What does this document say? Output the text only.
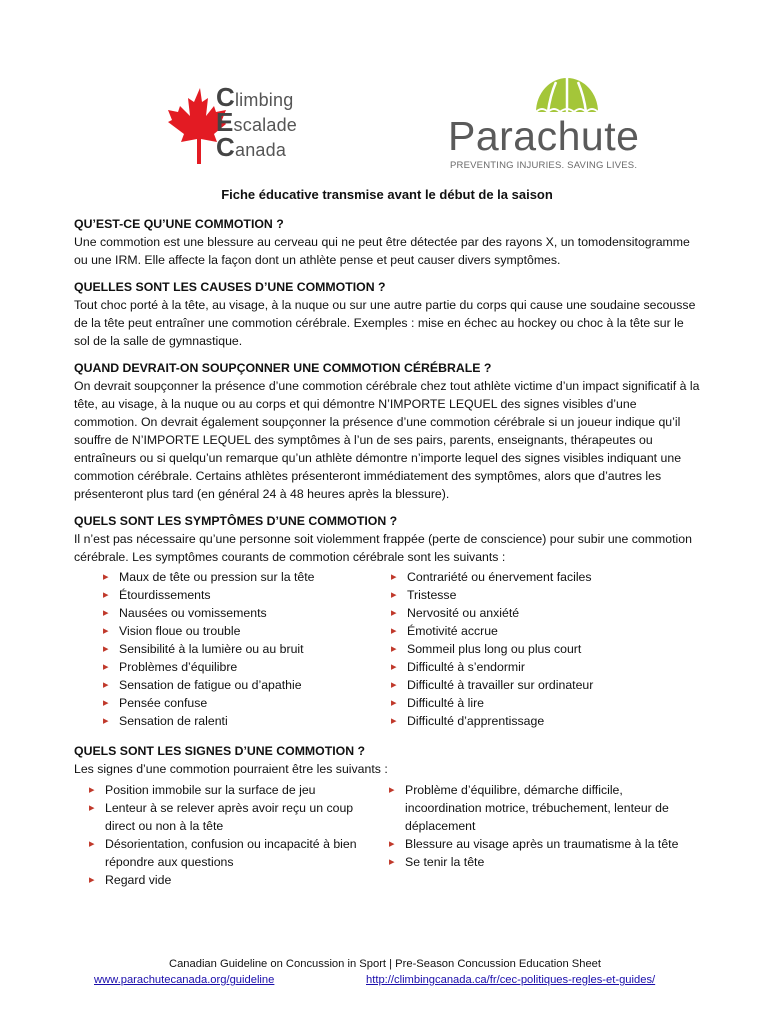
Climbing
Escalade
Canada	Parachute
PREVENTING INJURIES. SAVING LIVES.
Fiche éducative transmise avant le début de la saison
QU’EST-CE QU’UNE COMMOTION ?

Une commotion est une blessure au cerveau qui ne peut être détectée par des rayons X, un tomodensitogramme ou une IRM. Elle affecte la façon dont un athlète pense et peut causer divers symptômes.

QUELLES SONT LES CAUSES D’UNE COMMOTION ?

Tout choc porté à la tête, au visage, à la nuque ou sur une autre partie du corps qui cause une soudaine secousse de la tête peut entraîner une commotion cérébrale. Exemples : mise en échec au hockey ou choc à la tête sur le sol de la salle de gymnastique.

QUAND DEVRAIT-ON SOUPÇONNER UNE COMMOTION CÉRÉBRALE ?

On devrait soupçonner la présence d’une commotion cérébrale chez tout athlète victime d’un impact significatif à la tête, au visage, à la nuque ou au corps et qui démontre N’IMPORTE LEQUEL des signes visibles d’une commotion. On devrait également soupçonner la présence d’une commotion cérébrale si un joueur indique qu’il souffre de N’IMPORTE LEQUEL des symptômes à l’un de ses pairs, parents, enseignants, thérapeutes ou entraîneurs ou si quelqu’un remarque qu’un athlète démontre n’importe lequel des signes visibles indiquant une commotion cérébrale. Certains athlètes présenteront immédiatement des symptômes, alors que d’autres les présenteront plus tard (en général 24 à 48 heures après la blessure).

QUELS SONT LES SYMPTÔMES D’UNE COMMOTION ?

Il n’est pas nécessaire qu’une personne soit violemment frappée (perte de conscience) pour subir une commotion cérébrale. Les symptômes courants de commotion cérébrale sont les suivants :

▸ Maux de tête ou pression sur la tête
▸ Étourdissements
▸ Nausées ou vomissements
▸ Vision floue ou trouble
▸ Sensibilité à la lumière ou au bruit
▸ Problèmes d’équilibre
▸ Sensation de fatigue ou d’apathie
▸ Pensée confuse
▸ Sensation de ralenti
▸ Contrariété ou énervement faciles
▸ Tristesse
▸ Nervosité ou anxiété
▸ Émotivité accrue
▸ Sommeil plus long ou plus court
▸ Difficulté à s’endormir
▸ Difficulté à travailler sur ordinateur
▸ Difficulté à lire
▸ Difficulté d’apprentissage
QUELS SONT LES SIGNES D’UNE COMMOTION ?

Les signes d’une commotion pourraient être les suivants :

▸ Position immobile sur la surface de jeu
▸ Lenteur à se relever après avoir reçu un coup direct ou non à la tête
▸ Désorientation, confusion ou incapacité à bien répondre aux questions
▸ Regard vide
▸ Problème d’équilibre, démarche difficile, incoordination motrice, trébuchement, lenteur de déplacement
▸ Blessure au visage après un traumatisme à la tête
▸ Se tenir la tête
Canadian Guideline on Concussion in Sport | Pre-Season Concussion Education Sheet
www.parachutecanada.org/guideline	http://climbingcanada.ca/fr/cec-politiques-regles-et-guides/
